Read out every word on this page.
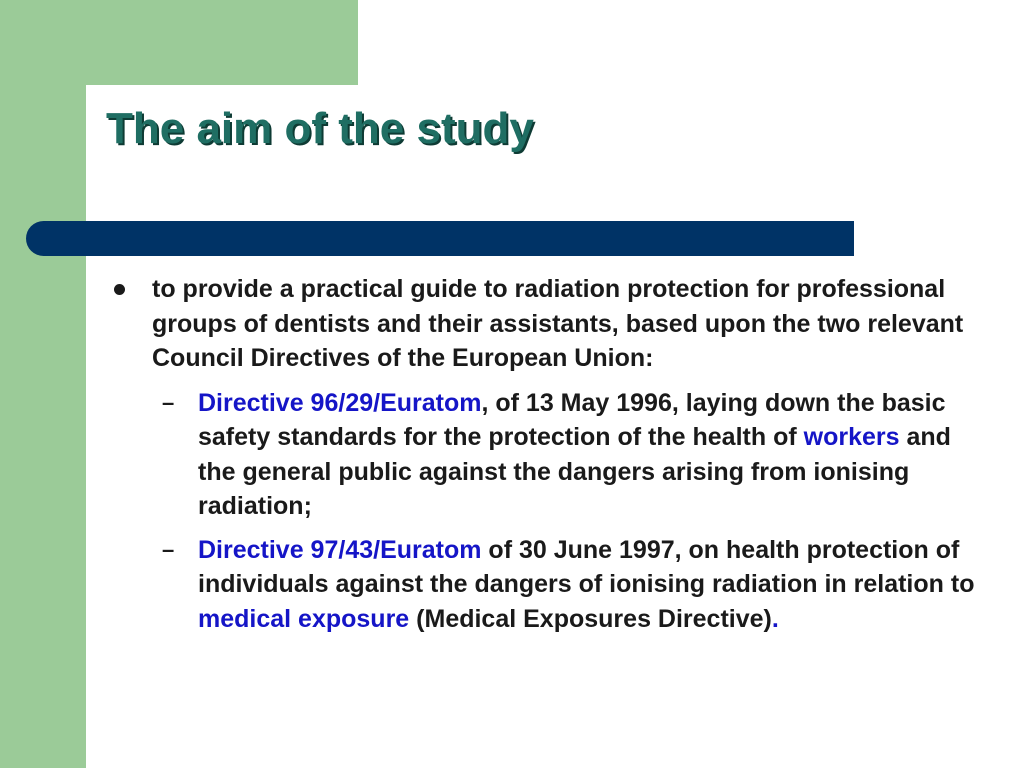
The aim of the study
to provide a practical guide to radiation protection for professional groups of dentists and their assistants, based upon the two relevant Council Directives of the European Union:
– Directive 96/29/Euratom, of 13 May 1996, laying down the basic safety standards for the protection of the health of workers and the general public against the dangers arising from ionising radiation;
– Directive 97/43/Euratom of 30 June 1997, on health protection of individuals against the dangers of ionising radiation in relation to medical exposure (Medical Exposures Directive).
